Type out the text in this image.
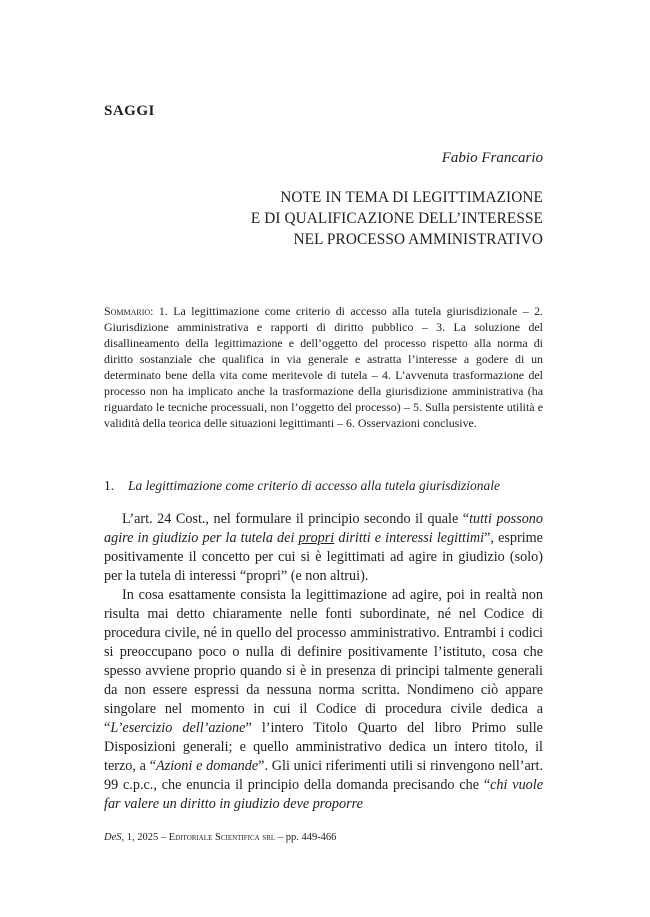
SAGGI
Fabio Francario
NOTE IN TEMA DI LEGITTIMAZIONE
E DI QUALIFICAZIONE DELL’INTERESSE
NEL PROCESSO AMMINISTRATIVO
Sommario: 1. La legittimazione come criterio di accesso alla tutela giurisdizionale – 2. Giurisdizione amministrativa e rapporti di diritto pubblico – 3. La soluzione del disallineamento della legittimazione e dell’oggetto del processo rispetto alla norma di diritto sostanziale che qualifica in via generale e astratta l’interesse a godere di un determinato bene della vita come meritevole di tutela – 4. L’avvenuta trasformazione del processo non ha implicato anche la trasformazione della giurisdizione amministrativa (ha riguardato le tecniche processuali, non l’oggetto del processo) – 5. Sulla persistente utilità e validità della teorica delle situazioni legittimanti – 6. Osservazioni conclusive.
1. La legittimazione come criterio di accesso alla tutela giurisdizionale

L’art. 24 Cost., nel formulare il principio secondo il quale “tutti possono agire in giudizio per la tutela dei propri diritti e interessi legittimi”, esprime positivamente il concetto per cui si è legittimati ad agire in giudizio (solo) per la tutela di interessi “propri” (e non altrui).

In cosa esattamente consista la legittimazione ad agire, poi in realtà non risulta mai detto chiaramente nelle fonti subordinate, né nel Codice di procedura civile, né in quello del processo amministrativo. Entrambi i codici si preoccupano poco o nulla di definire positivamente l’istituto, cosa che spesso avviene proprio quando si è in presenza di principi talmente generali da non essere espressi da nessuna norma scritta. Nondimeno ciò appare singolare nel momento in cui il Codice di procedura civile dedica a “L’esercizio dell’azione” l’intero Titolo Quarto del libro Primo sulle Disposizioni generali; e quello amministrativo dedica un intero titolo, il terzo, a “Azioni e domande”. Gli unici riferimenti utili si rinvengono nell’art. 99 c.p.c., che enuncia il principio della domanda precisando che “chi vuole far valere un diritto in giudizio deve proporre

DeS, 1, 2025 – Editoriale Scientifica srl – pp. 449-466
